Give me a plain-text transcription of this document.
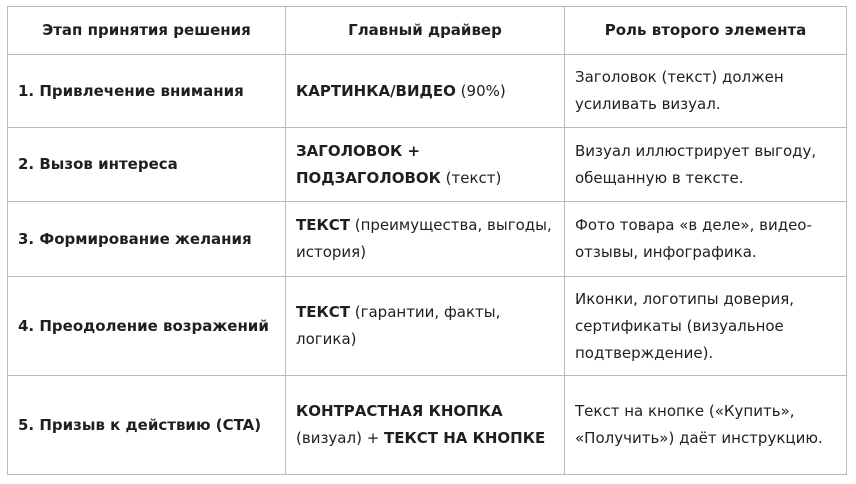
Этап принятия решения	Главный драйвер	Роль второго элемента
1. Привлечение внимания	КАРТИНКА/ВИДЕО (90%)	Заголовок (текст) должен усиливать визуал.
2. Вызов интереса	ЗАГОЛОВОК + ПОДЗАГОЛОВОК (текст)	Визуал иллюстрирует выгоду, обещанную в тексте.
3. Формирование желания	ТЕКСТ (преимущества, выгоды, история)	Фото товара «в деле», видео-отзывы, инфографика.
4. Преодоление возражений	ТЕКСТ (гарантии, факты, логика)	Иконки, логотипы доверия, сертификаты (визуальное подтверждение).
5. Призыв к действию (CTA)	КОНТРАСТНАЯ КНОПКА (визуал) + ТЕКСТ НА КНОПКЕ	Текст на кнопке («Купить», «Получить») даёт инструкцию.
